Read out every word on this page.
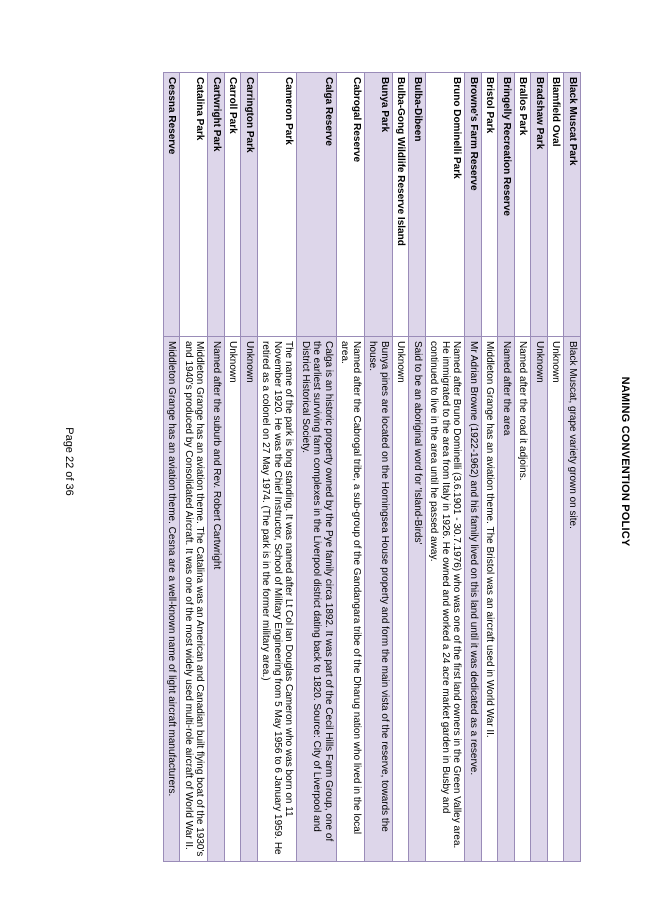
NAMING CONVENTION POLICY
Black Muscat Park	Black Muscat, grape variety grown on site.
Blamfield Oval	Unknown
Bradshaw Park	Unknown
Brallos Park	Named after the road it adjoins.
Bringelly Recreation Reserve	Named after the area
Bristol Park	Middleton Grange has an aviation theme. The Bristol was an aircraft used in World War II.
Browne's Farm Reserve	Mr Adrian Browne (1922-1962) and his family lived on this land until it was dedicated as a reserve.
Bruno Dominelli Park	Named after Bruno Dominelli (3.6.1901 - 30.7.1976) who was one of the first land owners in the Green Valley area. He immigrated to the area from Italy in 1926. He owned and worked a 24 acre market garden in Busby and continued to live in the area until he passed away.
Bulba-Dibeen	Said to be an aboriginal word for 'Island-Birds'
Bulba-Gong Wildlife Reserve Island	Unknown
Bunya Park	Bunya pines are located on the Horningsea House property and form the main vista of the reserve, towards the house.
Cabrogal Reserve	Named after the Cabrogal tribe, a sub-group of the Gandangara tribe of the Dharug nation who lived in the local area.
Calga Reserve	Calga is an historic property owned by the Pye family circa 1892. It was part of the Cecil Hills Farm Group, one of the earliest surviving farm complexes in the Liverpool district dating back to 1820. Source: City of Liverpool and District Historical Society.
Cameron Park	The name of the park is long standing. It was named after Lt Col Ian Douglas Cameron who was born on 11 November 1920. He was the Chief Instructor, School of Military Engineering from 5 May 1956 to 6 January 1959. He retired as a colonel on 27 May 1974. (The park is in the former military area.)
Carrington Park	Unknown
Carroll Park	Unknown
Cartwright Park	Named after the suburb and Rev. Robert Cartwright
Catalina Park	Middleton Grange has an aviation theme. The Catalina was an American and Canadian built flying boat of the 1930's and 1940's produced by Consolidated Aircraft. It was one of the most widely used multi-role aircraft of World War II.
Cessna Reserve	Middleton Grange has an aviation theme. Cesna are a well-known name of light aircraft manufacturers.
Page 22 of 36
